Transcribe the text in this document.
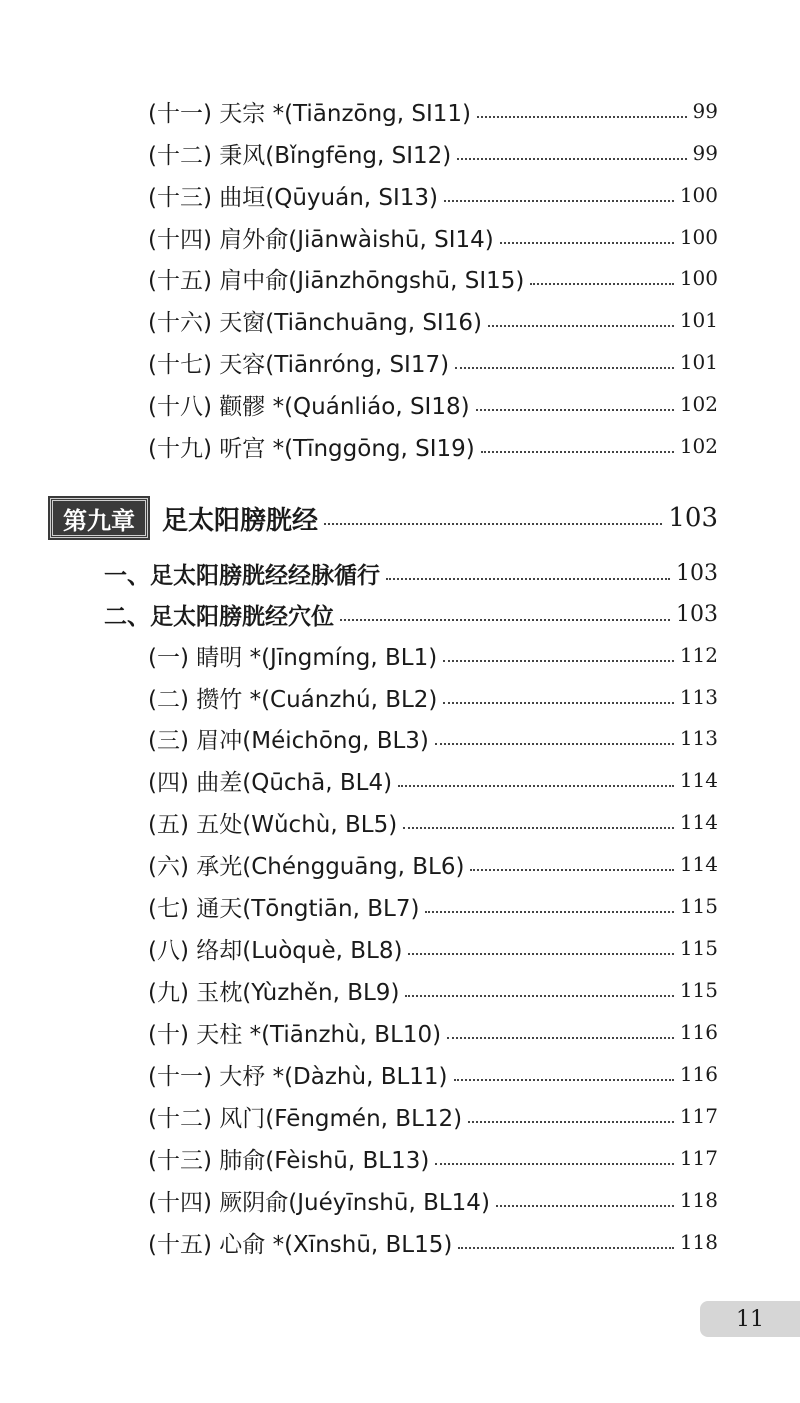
(十一) 天宗 *(Tiānzōng, SI11)	99
(十二) 秉风(Bǐngfēng, SI12)	99
(十三) 曲垣(Qūyuán, SI13)	100
(十四) 肩外俞(Jiānwàishū, SI14)	100
(十五) 肩中俞(Jiānzhōngshū, SI15)	100
(十六) 天窗(Tiānchuāng, SI16)	101
(十七) 天容(Tiānróng, SI17)	101
(十八) 颧髎 *(Quánliáo, SI18)	102
(十九) 听宫 *(Tīnggōng, SI19)	102
第九章	足太阳膀胱经	103
一、足太阳膀胱经经脉循行	103
二、足太阳膀胱经穴位	103
(一) 睛明 *(Jīngmíng, BL1)	112
(二) 攒竹 *(Cuánzhú, BL2)	113
(三) 眉冲(Méichōng, BL3)	113
(四) 曲差(Qūchā, BL4)	114
(五) 五处(Wǔchù, BL5)	114
(六) 承光(Chéngguāng, BL6)	114
(七) 通天(Tōngtiān, BL7)	115
(八) 络却(Luòquè, BL8)	115
(九) 玉枕(Yùzhěn, BL9)	115
(十) 天柱 *(Tiānzhù, BL10)	116
(十一) 大杼 *(Dàzhù, BL11)	116
(十二) 风门(Fēngmén, BL12)	117
(十三) 肺俞(Fèishū, BL13)	117
(十四) 厥阴俞(Juéyīnshū, BL14)	118
(十五) 心俞 *(Xīnshū, BL15)	118
11
